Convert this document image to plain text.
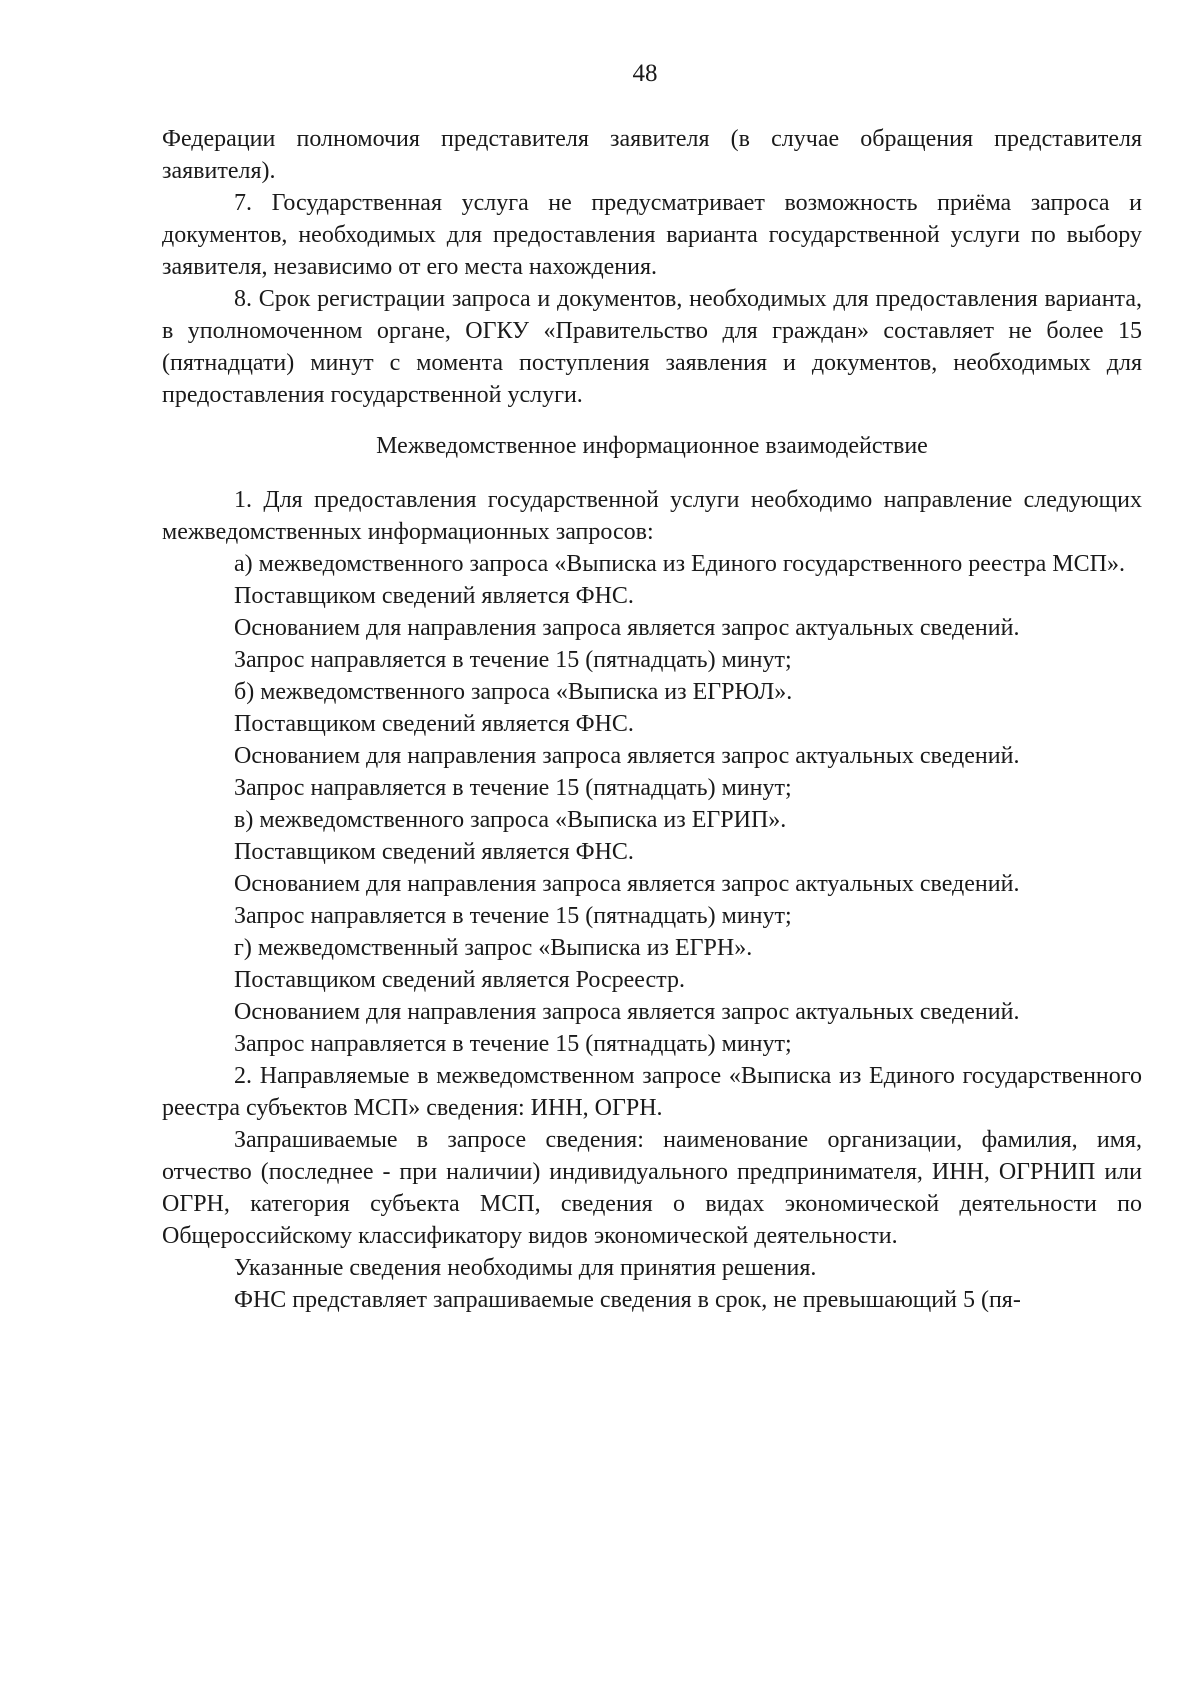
48

Федерации полномочия представителя заявителя (в случае обращения представителя заявителя).

7. Государственная услуга не предусматривает возможность приёма запроса и документов, необходимых для предоставления варианта государственной услуги по выбору заявителя, независимо от его места нахождения.

8. Срок регистрации запроса и документов, необходимых для предоставления варианта, в уполномоченном органе, ОГКУ «Правительство для граждан» составляет не более 15 (пятнадцати) минут с момента поступления заявления и документов, необходимых для предоставления государственной услуги.

Межведомственное информационное взаимодействие

1. Для предоставления государственной услуги необходимо направление следующих межведомственных информационных запросов:

а) межведомственного запроса «Выписка из Единого государственного реестра МСП».

Поставщиком сведений является ФНС.

Основанием для направления запроса является запрос актуальных сведений.

Запрос направляется в течение 15 (пятнадцать) минут;

б) межведомственного запроса «Выписка из ЕГРЮЛ».

Поставщиком сведений является ФНС.

Основанием для направления запроса является запрос актуальных сведений.

Запрос направляется в течение 15 (пятнадцать) минут;

в) межведомственного запроса «Выписка из ЕГРИП».

Поставщиком сведений является ФНС.

Основанием для направления запроса является запрос актуальных сведений.

Запрос направляется в течение 15 (пятнадцать) минут;

г) межведомственный запрос «Выписка из ЕГРН».

Поставщиком сведений является Росреестр.

Основанием для направления запроса является запрос актуальных сведений.

Запрос направляется в течение 15 (пятнадцать) минут;

2. Направляемые в межведомственном запросе «Выписка из Единого государственного реестра субъектов МСП» сведения: ИНН, ОГРН.

Запрашиваемые в запросе сведения: наименование организации, фамилия, имя, отчество (последнее - при наличии) индивидуального предпринимателя, ИНН, ОГРНИП или ОГРН, категория субъекта МСП, сведения о видах экономической деятельности по Общероссийскому классификатору видов экономической деятельности.

Указанные сведения необходимы для принятия решения.

ФНС представляет запрашиваемые сведения в срок, не превышающий 5 (пя-
